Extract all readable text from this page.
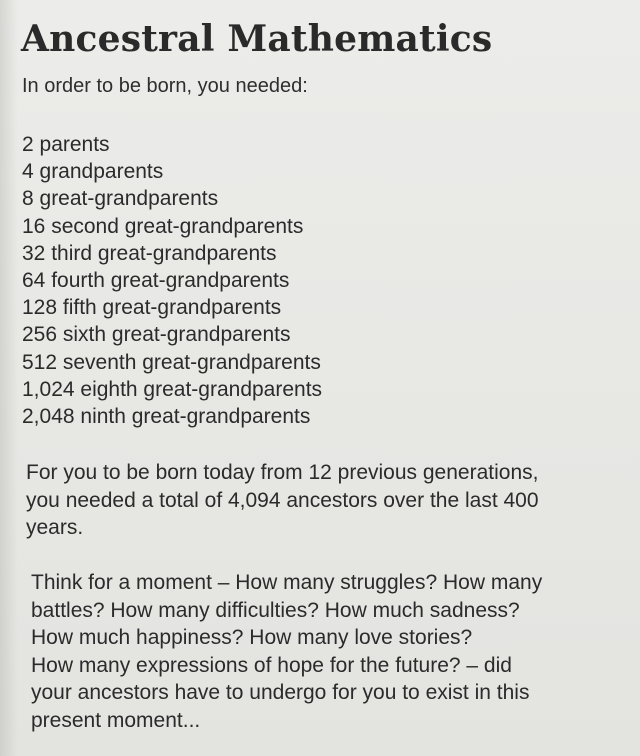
Ancestral Mathematics

In order to be born, you needed:

2 parents
4 grandparents
8 great-grandparents
16 second great-grandparents
32 third great-grandparents
64 fourth great-grandparents
128 fifth great-grandparents
256 sixth great-grandparents
512 seventh great-grandparents
1,024 eighth great-grandparents
2,048 ninth great-grandparents

For you to be born today from 12 previous generations,
you needed a total of 4,094 ancestors over the last 400
years.

Think for a moment – How many struggles? How many
battles? How many difficulties? How much sadness?
How much happiness? How many love stories?
How many expressions of hope for the future? – did
your ancestors have to undergo for you to exist in this
present moment...
